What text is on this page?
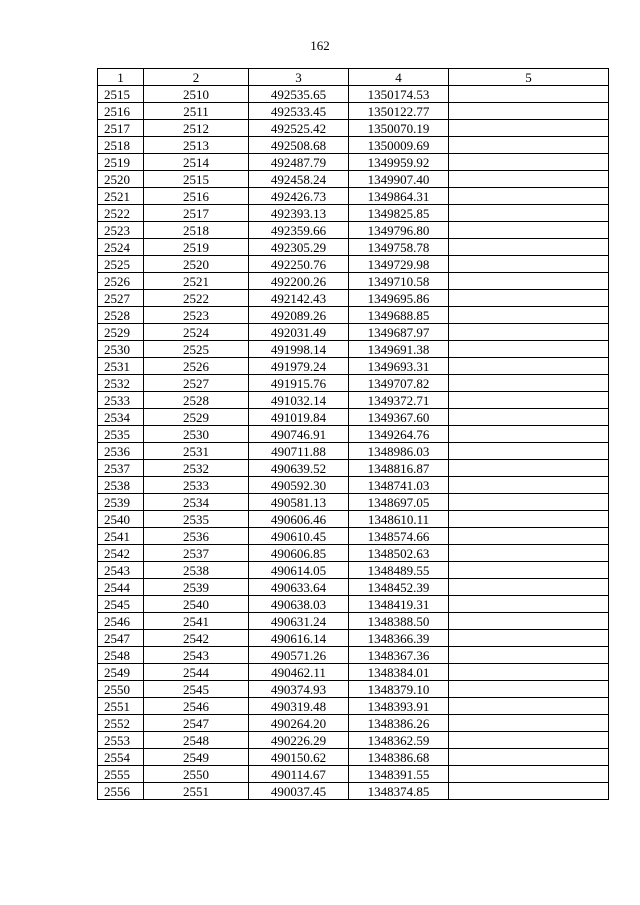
162
1	2	3	4	5
2515	2510	492535.65	1350174.53	
2516	2511	492533.45	1350122.77	
2517	2512	492525.42	1350070.19	
2518	2513	492508.68	1350009.69	
2519	2514	492487.79	1349959.92	
2520	2515	492458.24	1349907.40	
2521	2516	492426.73	1349864.31	
2522	2517	492393.13	1349825.85	
2523	2518	492359.66	1349796.80	
2524	2519	492305.29	1349758.78	
2525	2520	492250.76	1349729.98	
2526	2521	492200.26	1349710.58	
2527	2522	492142.43	1349695.86	
2528	2523	492089.26	1349688.85	
2529	2524	492031.49	1349687.97	
2530	2525	491998.14	1349691.38	
2531	2526	491979.24	1349693.31	
2532	2527	491915.76	1349707.82	
2533	2528	491032.14	1349372.71	
2534	2529	491019.84	1349367.60	
2535	2530	490746.91	1349264.76	
2536	2531	490711.88	1348986.03	
2537	2532	490639.52	1348816.87	
2538	2533	490592.30	1348741.03	
2539	2534	490581.13	1348697.05	
2540	2535	490606.46	1348610.11	
2541	2536	490610.45	1348574.66	
2542	2537	490606.85	1348502.63	
2543	2538	490614.05	1348489.55	
2544	2539	490633.64	1348452.39	
2545	2540	490638.03	1348419.31	
2546	2541	490631.24	1348388.50	
2547	2542	490616.14	1348366.39	
2548	2543	490571.26	1348367.36	
2549	2544	490462.11	1348384.01	
2550	2545	490374.93	1348379.10	
2551	2546	490319.48	1348393.91	
2552	2547	490264.20	1348386.26	
2553	2548	490226.29	1348362.59	
2554	2549	490150.62	1348386.68	
2555	2550	490114.67	1348391.55	
2556	2551	490037.45	1348374.85	
